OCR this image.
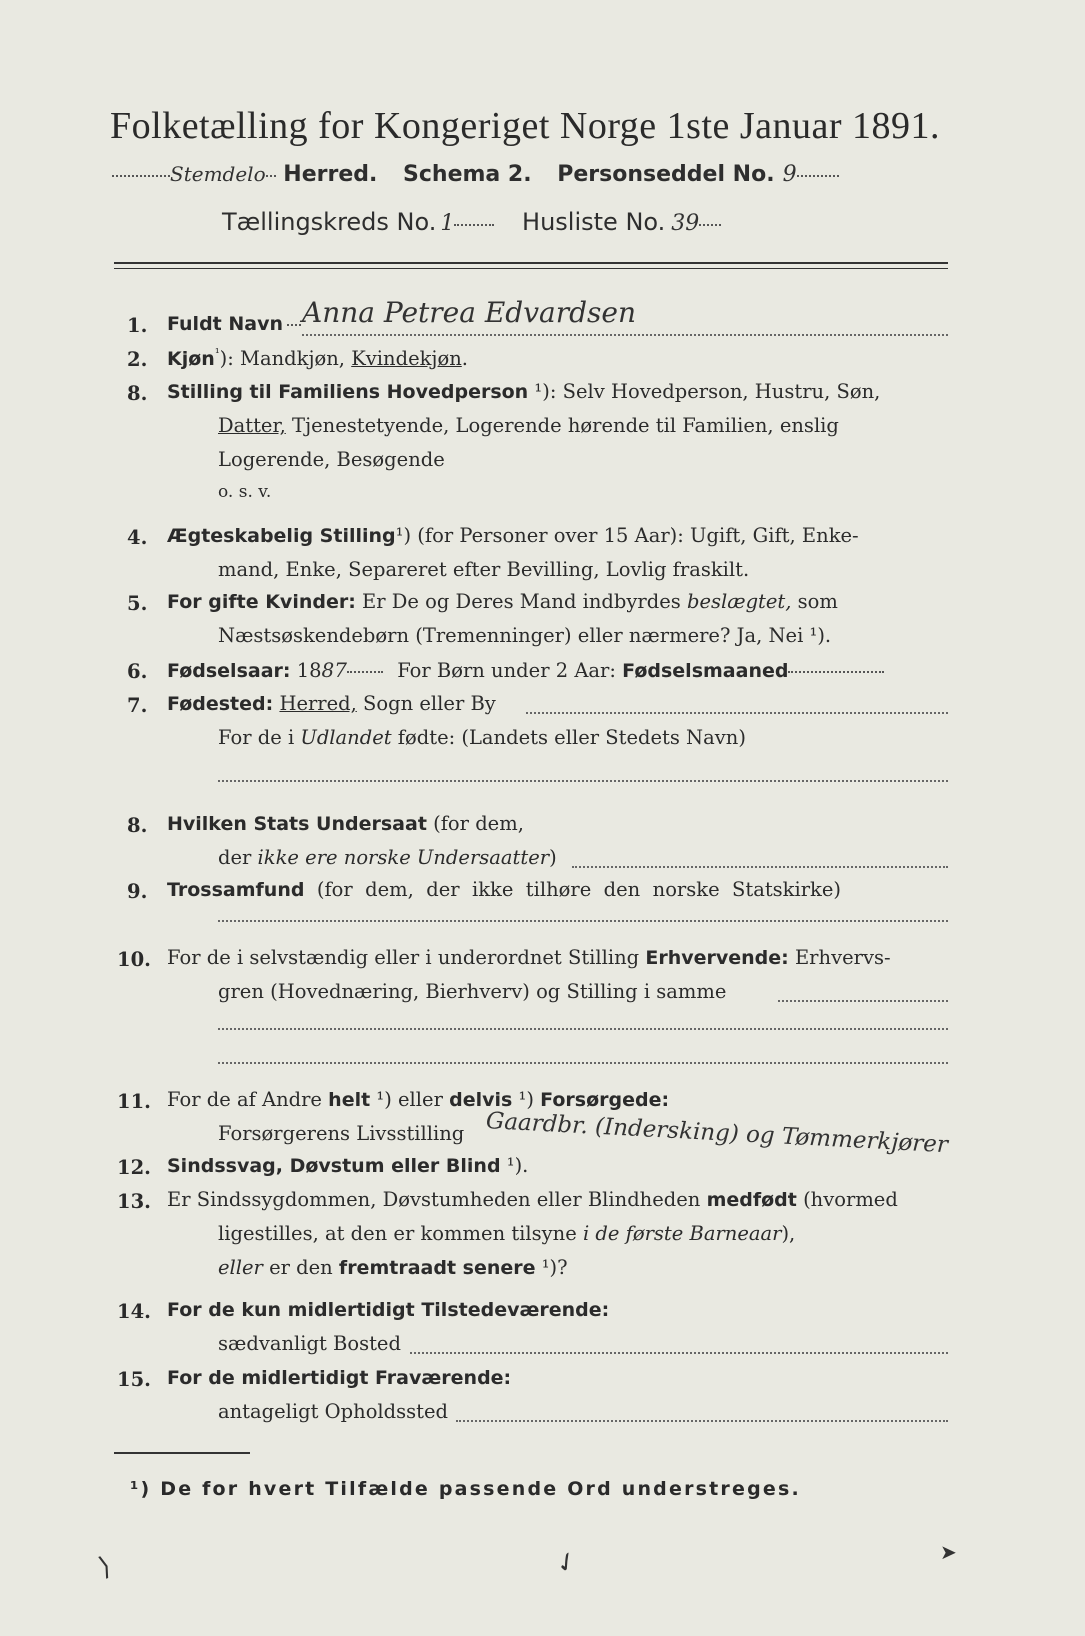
Folketælling for Kongeriget Norge 1ste Januar 1891.
Stemdelo Herred. Schema 2. Personseddel No. 9
Tællingskreds No. 1	Husliste No. 39
1. Fuldt Navn Anna Petrea Edvardsen
2. Kjøn$^{^1}$): Mandkjøn, Kvindekjøn.
8. Stilling til Familiens Hovedperson ¹): Selv Hovedperson, Hustru, Søn,
Datter, Tjenestetyende, Logerende hørende til Familien, enslig
Logerende, Besøgende
o. s. v.
4. Ægteskabelig Stilling¹) (for Personer over 15 Aar): Ugift, Gift, Enke-
mand, Enke, Separeret efter Bevilling, Lovlig fraskilt.
5. For gifte Kvinder: Er De og Deres Mand indbyrdes beslægtet, som
Næstsøskendebørn (Tremenninger) eller nærmere? Ja, Nei ¹).
6. Fødselsaar: 1887	For Børn under 2 Aar: Fødselsmaaned
7. Fødested: Herred, Sogn eller By
For de i Udlandet fødte: (Landets eller Stedets Navn)
8. Hvilken Stats Undersaat (for dem,
der ikke ere norske Undersaatter)
9. Trossamfund  (for  dem,  der  ikke  tilhøre  den  norske  Statskirke)
10. For de i selvstændig eller i underordnet Stilling Erhvervende: Erhvervs-
gren (Hovednæring, Bierhverv) og Stilling i samme
11. For de af Andre helt ¹) eller delvis ¹) Forsørgede:
Forsørgerens Livsstilling Gaardbr. (Indersking) og Tømmerkjører
12. Sindssvag, Døvstum eller Blind ¹).
13. Er Sindssygdommen, Døvstumheden eller Blindheden medfødt (hvormed
ligestilles, at den er kommen tilsyne i de første Barneaar),
eller er den fremtraadt senere ¹)?
14. For de kun midlertidigt Tilstedeværende:
sædvanligt Bosted
15. For de midlertidigt Fraværende:
antageligt Opholdssted
¹) De for hvert Tilfælde passende Ord understreges.
⟩	✓	➤
